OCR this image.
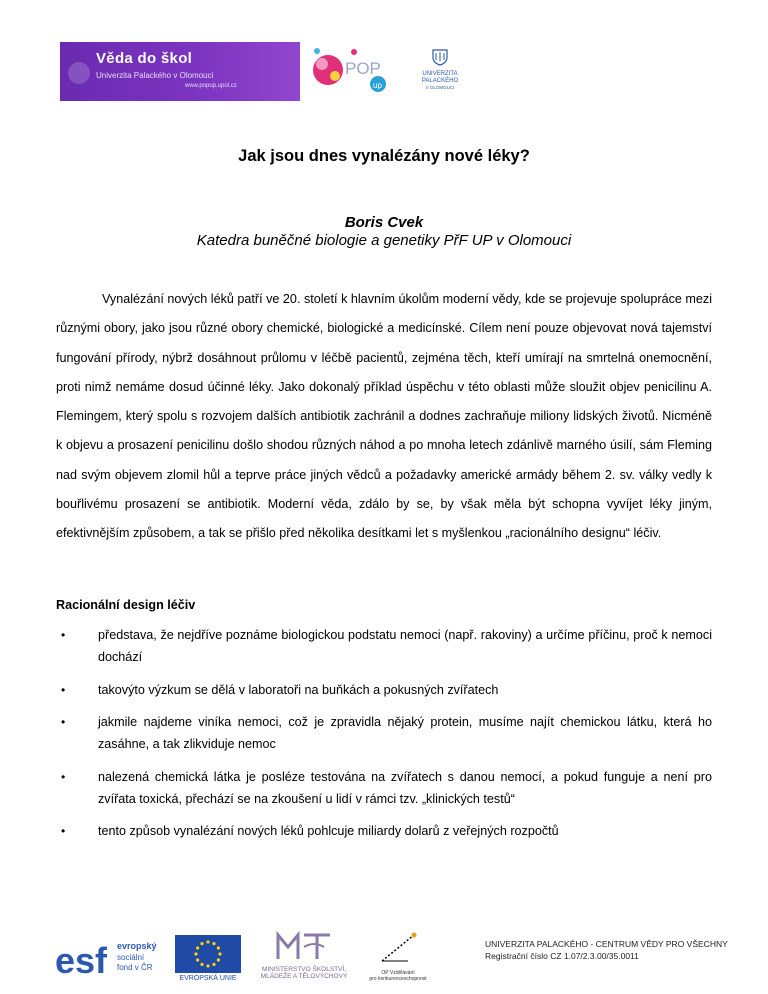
Věda do škol
Univerzita Palackého v Olomouci
www.popup.upol.cz
POP
up
UNIVERZITA
PALACKÉHO
V OLOMOUCI
Jak jsou dnes vynalézány nové léky?
Boris Cvek
Katedra buněčné biologie a genetiky PřF UP v Olomouci

Vynalézání nových léků patří ve 20. století k hlavním úkolům moderní vědy, kde se projevuje spolupráce mezi různými obory, jako jsou různé obory chemické, biologické a medicínské. Cílem není pouze objevovat nová tajemství fungování přírody, nýbrž dosáhnout průlomu v léčbě pacientů, zejména těch, kteří umírají na smrtelná onemocnění, proti nimž nemáme dosud účinné léky. Jako dokonalý příklad úspěchu v této oblasti může sloužit objev penicilinu A. Flemingem, který spolu s rozvojem dalších antibiotik zachránil a dodnes zachraňuje miliony lidských životů. Nicméně k objevu a prosazení penicilinu došlo shodou různých náhod a po mnoha letech zdánlivě marného úsilí, sám Fleming nad svým objevem zlomil hůl a teprve práce jiných vědců a požadavky americké armády během 2. sv. války vedly k bouřlivému prosazení se antibiotik. Moderní věda, zdálo by se, by však měla být schopna vyvíjet léky jiným, efektivnějším způsobem, a tak se přišlo před několika desítkami let s myšlenkou „racionálního designu“ léčiv.

Racionální design léčiv
•	představa, že nejdříve poznáme biologickou podstatu nemoci (např. rakoviny) a určíme příčinu, proč k nemoci dochází
•	takovýto výzkum se dělá v laboratoři na buňkách a pokusných zvířatech
•	jakmile najdeme viníka nemoci, což je zpravidla nějaký protein, musíme najít chemickou látku, která ho zasáhne, a tak zlikviduje nemoc
•	nalezená chemická látka je posléze testována na zvířatech s danou nemocí, a pokud funguje a není pro zvířata toxická, přechází se na zkoušení u lidí v rámci tzv. „klinických testů“
•	tento způsob vynalézání nových léků pohlcuje miliardy dolarů z veřejných rozpočtů
esf evropský
sociální
fond v ČR
EVROPSKÁ UNIE
MINISTERSTVO ŠKOLSTVÍ,
MLÁDEŽE A TĚLOVÝCHOVY	OP Vzdělávání
pro konkurenceschopnost
UNIVERZITA PALACKÉHO - CENTRUM VĚDY PRO VŠECHNY
Registrační číslo CZ 1.07/2.3.00/35.0011
